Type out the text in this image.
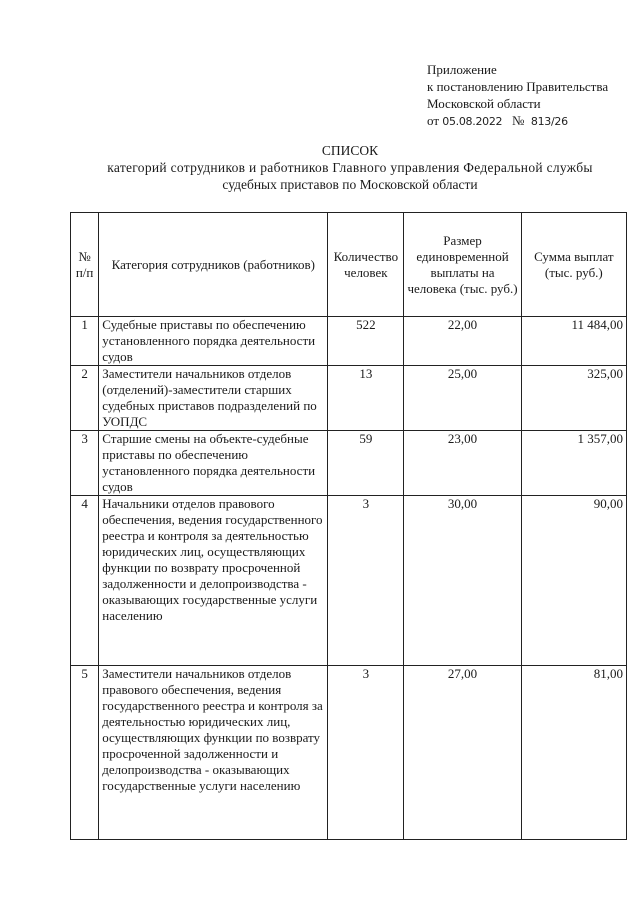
Приложение
к постановлению Правительства
Московской области
от 05.08.2022 № 813/26
СПИСОК
категорий сотрудников и работников Главного управления Федеральной службы
судебных приставов по Московской области
№ п/п	Категория сотрудников (работников)	Количество человек	Размер единовременной выплаты на человека (тыс. руб.)	Сумма выплат (тыс. руб.)
1	Судебные приставы по обеспечению установленного порядка деятельности судов	522	22,00	11 484,00
2	Заместители начальников отделов (отделений)-заместители старших судебных приставов подразделений по УОПДС	13	25,00	325,00
3	Старшие смены на объекте-судебные приставы по обеспечению установленного порядка деятельности судов	59	23,00	1 357,00
4	Начальники отделов правового обеспечения, ведения государственного реестра и контроля за деятельностью юридических лиц, осуществляющих функции по возврату просроченной задолженности и делопроизводства - оказывающих государственные услуги населению	3	30,00	90,00
5	Заместители начальников отделов правового обеспечения, ведения государственного реестра и контроля за деятельностью юридических лиц, осуществляющих функции по возврату просроченной задолженности и делопроизводства - оказывающих государственные услуги населению	3	27,00	81,00
